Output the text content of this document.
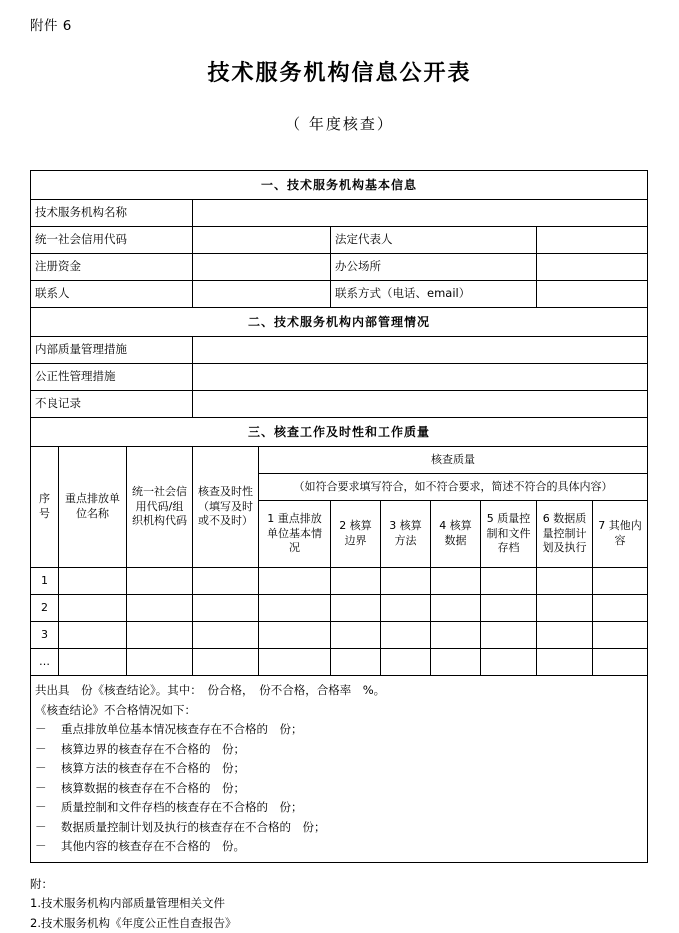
附件 6
技术服务机构信息公开表
（ 年度核查）
一、技术服务机构基本信息										
技术服务机构名称										
统一社会信用代码					法定代表人					
注册资金					办公场所					
联系人					联系方式（电话、email）					
二、技术服务机构内部管理情况										
内部质量管理措施										
公正性管理措施										
不良记录										
三、核查工作及时性和工作质量										
序号	重点排放单位名称	统一社会信用代码/组织机构代码	核查及时性（填写及时或不及时）	核查质量						
				（如符合要求填写符合，如不符合要求，简述不符合的具体内容）						
				1 重点排放单位基本情况	2 核算边界	3 核算方法	4 核算数据	5 质量控制和文件存档	6 数据质量控制计划及执行	7 其他内容
1										
2										
3										
…										

共出具　份《核查结论》。其中：　份合格，　份不合格，合格率　%。
《核查结论》不合格情况如下：
－ 重点排放单位基本情况核查存在不合格的　份；
－ 核算边界的核查存在不合格的　份；
－ 核算方法的核查存在不合格的　份；
－ 核算数据的核查存在不合格的　份；
－ 质量控制和文件存档的核查存在不合格的　份；
－ 数据质量控制计划及执行的核查存在不合格的　份；
－ 其他内容的核查存在不合格的　份。
附：
1.技术服务机构内部质量管理相关文件
2.技术服务机构《年度公正性自查报告》
